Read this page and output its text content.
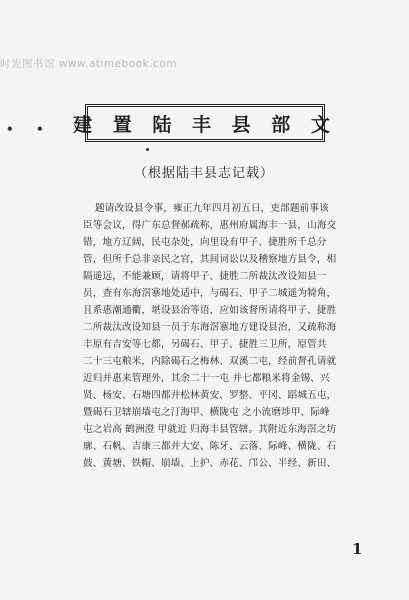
时光图书馆 www.atimebook.com
• • 建 置 陆 丰 县 部 文
（根据陆丰县志记载）
题请改设县令事，雍正九年四月初五日，吏部题前事该
臣等会议，得广东总督郝疏称，惠州府属海丰一县，山海交
错，地方辽阔，民屯杂处，向里设有甲子、捷胜所千总分
管，但所千总非亲民之官，其间词讼以及稽察地方县令，相
隔遥远，不能兼顾，请将甲子、捷胜二所裁汰改设知县一
员，查有东海滘寨地处适中，与碣石、甲子二城遥为犄角，
且系惠潮通衢，堪设县治等语，应如该督所请将甲子、捷胜
二所裁汰改设知县一员于东海滘寨地方建设县治，又疏称海
丰原有吉安等七都，另碣石、甲子、捷胜三卫所，原管共
二十三屯粮米，内除碣石之梅林、双溪二屯，经前督孔请就
近归并惠来管理外，其余二十一屯 并七都粮米将金锡、兴
贤、杨安、石塘四都并松林黄安、罗整、平冈、蹈城五屯，
暨碣石卫辖崩墙屯之汀海甲、横陇屯 之小流磨埗甲、际峰
屯之岩高 鹤洲澄 甲就近 归海丰县管辖。其附近东海滘之坊
廓、石帆、吉康三都并大安、陈牙、云落、际峰、横陇、石
鼓、黄塘、铁帽、崩墙、上护、赤花、邝公、半经、新田、
1
